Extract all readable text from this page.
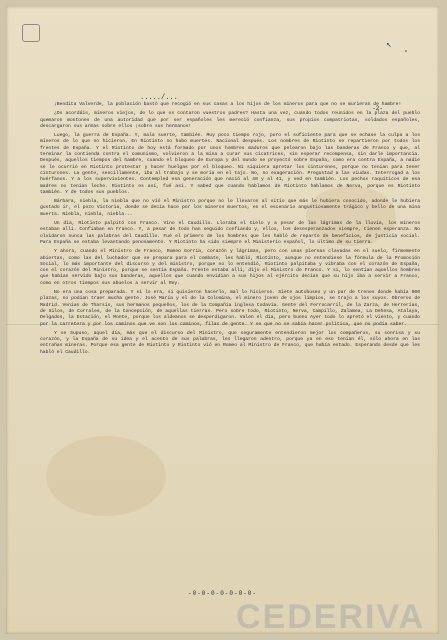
↖
∘
...../...
-2-

¡Bendita Valverde, la población bastó que recogió en sus casas a los hijos de los mineros para que no se murieran de hambre!

¿Os acordáis, mineros viejos, de lo que os contaron vuestros padres? Hasta una vez, cuando todos reunidos en la plaza del pueblo quemaron montones de una autoridad que por ser españoles les mereció confianza, sus propios compatriotas, soldados españoles, descargaron sus armas sobre ellos ¡sobre sus hermanos!

Luego, la guerra de España. Y, mala suerte, también. Muy poco tiempo rojo, poro el suficiente para que se echase la culpa a los mineros de lo que no hicieron. En Riotinto no hubo muertes. Nacional después. Los nombres de Riotinto se repartieron por todos los frentes de España. Y el Riotinto de hoy está formado por unos hombres maduros que pelearon bajo las banderas de Franco y que, al terminar la contienda contra el comunismo, volvieron a la mina a curar sus cicatrices, sin esperar recompensa, sin darle importancia. Después, aquellos tiempos del hambre, cuando el bloqueo de Europa y del mundo se proyectó sobre España, como era contra España, a nadie se le ocurrió en Riotinto protestar y hacer huelgas por el bloqueo. Ni siquiera apretar los cinturones, porque no tenían para tener cinturones. La gente, sencillamente, iba al trabajo y se moría en el tajo. No, no exageración. Preguntad a las viudas. Interrogad a los huérfanos. Y a los supervivientes. Contempled esa generación que nació al 40 y al 41, y ved en también. Los pechos raquíticos de esa madres no tenían leche. Riotinto es así, fué así. Y sabed que cuando hablamos de Riotinto hablamos de Nerva, porque es Riotinto también. Y de todos sus pueblos.

Bárbara, niebla, la niebla que no vió el Ministro porque no le llevaron al sitio que más le hubiera conocido, adonde le hubiera gustado ir, el pozo Victoria, donde se decía hace por los mineros muertos, en el escenario angustiosamente trágico y bello de una mina muerta. Niebla, niebla, niebla...

Un día, Riotinto palpitó con Franco. Vino el Caudillo. Lloraba el Cielo y a pesar de las lágrimas de la lluvia, los mineros estaban allí. Confiaban en Franco. Y, a pesar de todo han seguido confiando y, ellos, los desesperanzados siempre, tienen esperanza. No olvidaron nunca las palabras del Caudillo. Fué el primero de los hombres que les habló de reparto de beneficios, de justicia social. Para España se estaba levantando penosamente. Y Riotinto ha sido siempre el Ministerio español, lo último de su tierra.

Y ahora, cuando el Ministro de Franco, Romeo Gorría, corazón y lágrimas, pero con unas piernas clavadas en el suelo, firmemente abiertas, como las del luchador que se prepara para el combate, les habló, Riotinto, aunque no entendiese la fórmula de la Promoción Social, lo más importante del discurso y del ministro, porque no lo entendió, Riotinto palpitaba y vibraba con el corazón de España, con el corazón del Ministro, porque se sentía España. Frente estaba allí, dijo el Ministro de Franco. Y sí, lo sentían aquellos hombres que habían servido bajo sus banderas, aquellos que cuando envidian a sus hijos al ejército decían que su hijo iba a servir a Franco, como en otros tiempos sus abuelos a servir al Rey.

No era una cosa preparada. Y si lo era, si quisieron hacerlo, mal lo hicieron. Siete autobuses y un par de trenes donde había 900 plazas, no podían traer mucha gente. José María y el de la Colomina, el minero joven de ojos limpios, se trajo a los suyos. Obreros de Madrid. Venían de Tharsis, sus hermanos pequeños, los de la Compañía inglesa todavía. Gente del Ferrocarril, de la Zarza, de Herrerías, de Silos, de Corrales, de la Concepción, de aquellas tierras. Pero sobre todo, Riotinto, Nerva, Campillo, Zalamea, La Dehesa, Atalaya, Delgados, la Estación, el Monte, porque los aldeanos se desperdigaron. Valen el día, pero bueno Ayer todo lo apretó el viento, y cuando por la carretera y por los caminos que ve son los caminos, filas de gente. Y se que no se sabía hacer política, que no podía saber.

Y se Supuso, aquel día, más que el discurso del Ministro, que seguramente entendieron mejor los compañeros, su sonrisa y su corazón, y la España de su idea y el acento de sus palabras, les llegaron adentro, porque ya en eso tenían él, sólo ahora en las entrañas mineras. Porque esa gente de Riotinto y Riotinto vió en Romeo al Ministro de Franco, que había estado. Esperando desde que les habló el Caudillo.

-0-0-0-0-0-0-0-
CEDERIVA
